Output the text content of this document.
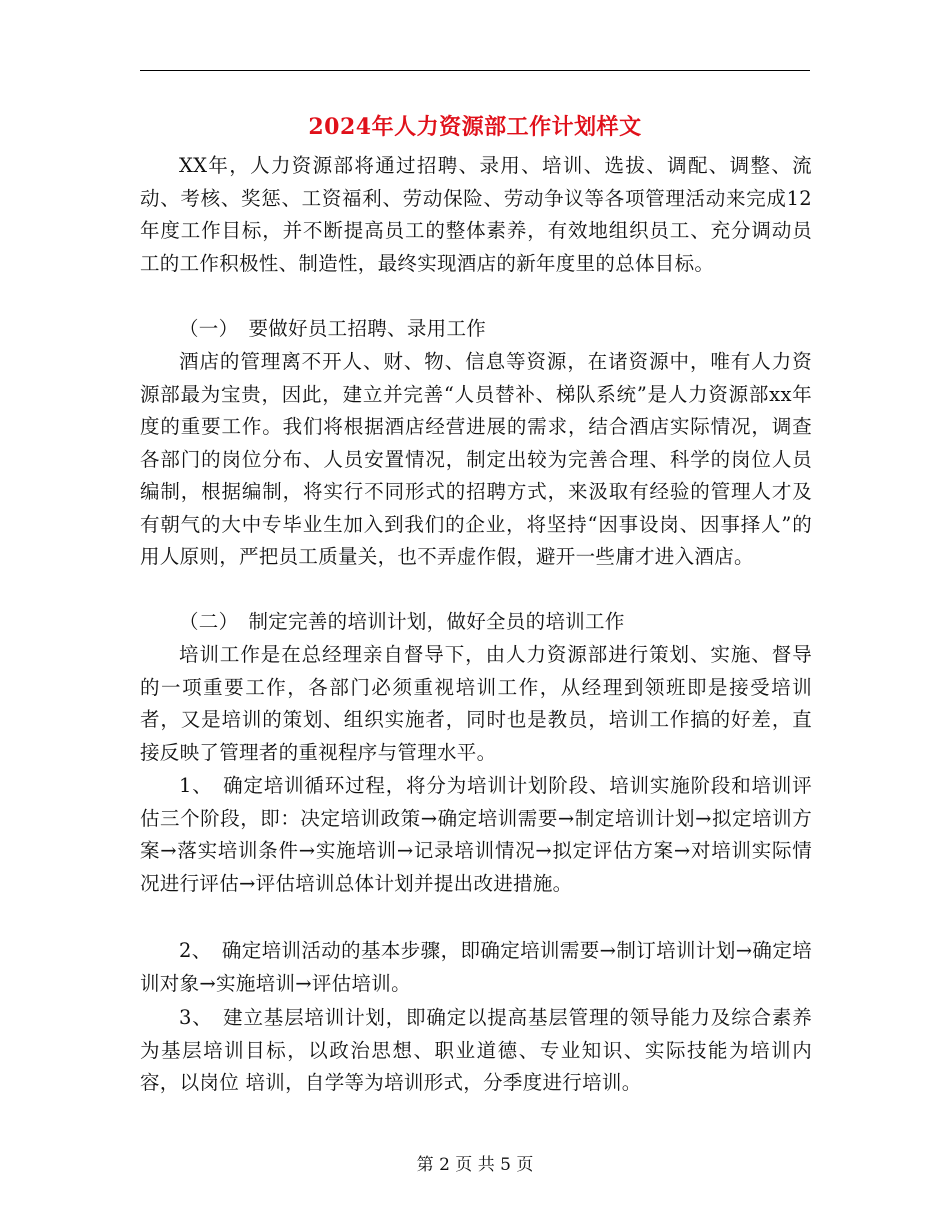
2024年人力资源部工作计划样文

XX年，人力资源部将通过招聘、录用、培训、选拔、调配、调整、流动、考核、奖惩、工资福利、劳动保险、劳动争议等各项管理活动来完成12年度工作目标，并不断提高员工的整体素养，有效地组织员工、充分调动员工的工作积极性、制造性，最终实现酒店的新年度里的总体目标。

（一）　要做好员工招聘、录用工作

酒店的管理离不开人、财、物、信息等资源，在诸资源中，唯有人力资源部最为宝贵，因此，建立并完善“人员替补、梯队系统”是人力资源部xx年度的重要工作。我们将根据酒店经营进展的需求，结合酒店实际情况，调查各部门的岗位分布、人员安置情况，制定出较为完善合理、科学的岗位人员编制，根据编制，将实行不同形式的招聘方式，来汲取有经验的管理人才及有朝气的大中专毕业生加入到我们的企业，将坚持“因事设岗、因事择人”的用人原则，严把员工质量关，也不弄虚作假，避开一些庸才进入酒店。

（二）　制定完善的培训计划，做好全员的培训工作

培训工作是在总经理亲自督导下，由人力资源部进行策划、实施、督导的一项重要工作，各部门必须重视培训工作，从经理到领班即是接受培训者，又是培训的策划、组织实施者，同时也是教员，培训工作搞的好差，直接反映了管理者的重视程序与管理水平。

1、　确定培训循环过程，将分为培训计划阶段、培训实施阶段和培训评估三个阶段，即：决定培训政策→确定培训需要→制定培训计划→拟定培训方案→落实培训条件→实施培训→记录培训情况→拟定评估方案→对培训实际情况进行评估→评估培训总体计划并提出改进措施。

2、　确定培训活动的基本步骤，即确定培训需要→制订培训计划→确定培训对象→实施培训→评估培训。

3、　建立基层培训计划，即确定以提高基层管理的领导能力及综合素养为基层培训目标，以政治思想、职业道德、专业知识、实际技能为培训内容，以岗位 培训，自学等为培训形式，分季度进行培训。

第 2 页 共 5 页
